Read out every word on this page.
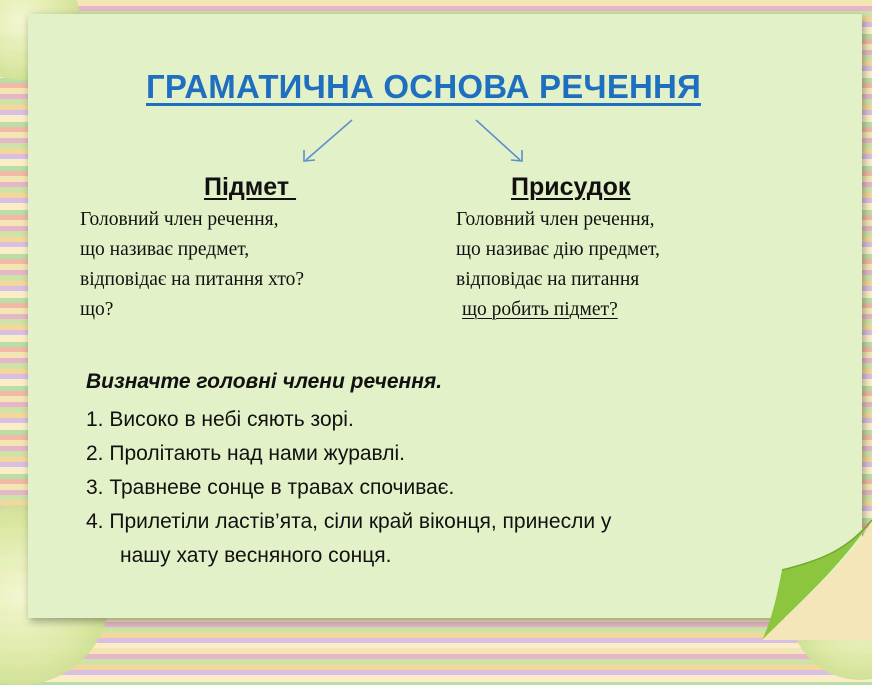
ГРАМАТИЧНА ОСНОВА РЕЧЕННЯ
Підмет	Присудок

Головний член речення,
що називає предмет,
відповідає на питання хто?
що?

Головний член речення,
що називає дію предмет,
відповідає на питання
що робить підмет?

Визначте головні члени речення.

1. Високо в небі сяють зорі.
2. Пролітають над нами журавлі.
3. Травневе сонце в травах спочиває.
4. Прилетіли ластів’ята, сіли край віконця, принесли у
нашу хату весняного сонця.
